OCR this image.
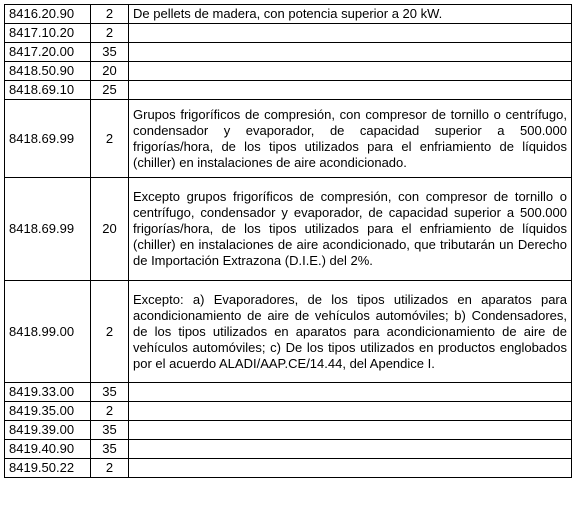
8416.20.90	2	De pellets de madera, con potencia superior a 20 kW.
8417.10.20	2	
8417.20.00	35	
8418.50.90	20	
8418.69.10	25	
8418.69.99	2	Grupos frigoríficos de compresión, con compresor de tornillo o centrífugo, condensador y evaporador, de capacidad superior a 500.000 frigorías/hora, de los tipos utilizados para el enfriamiento de líquidos (chiller) en instalaciones de aire acondicionado.
8418.69.99	20	Excepto grupos frigoríficos de compresión, con compresor de tornillo o centrífugo, condensador y evaporador, de capacidad superior a 500.000 frigorías/hora, de los tipos utilizados para el enfriamiento de líquidos (chiller) en instalaciones de aire acondicionado, que tributarán un Derecho de Importación Extrazona (D.I.E.) del 2%.
8418.99.00	2	Excepto: a) Evaporadores, de los tipos utilizados en aparatos para acondicionamiento de aire de vehículos automóviles; b) Condensadores, de los tipos utilizados en aparatos para acondicionamiento de aire de vehículos automóviles; c) De los tipos utilizados en productos englobados por el acuerdo ALADI/AAP.CE/14.44, del Apendice I.
8419.33.00	35	
8419.35.00	2	
8419.39.00	35	
8419.40.90	35	
8419.50.22	2	
